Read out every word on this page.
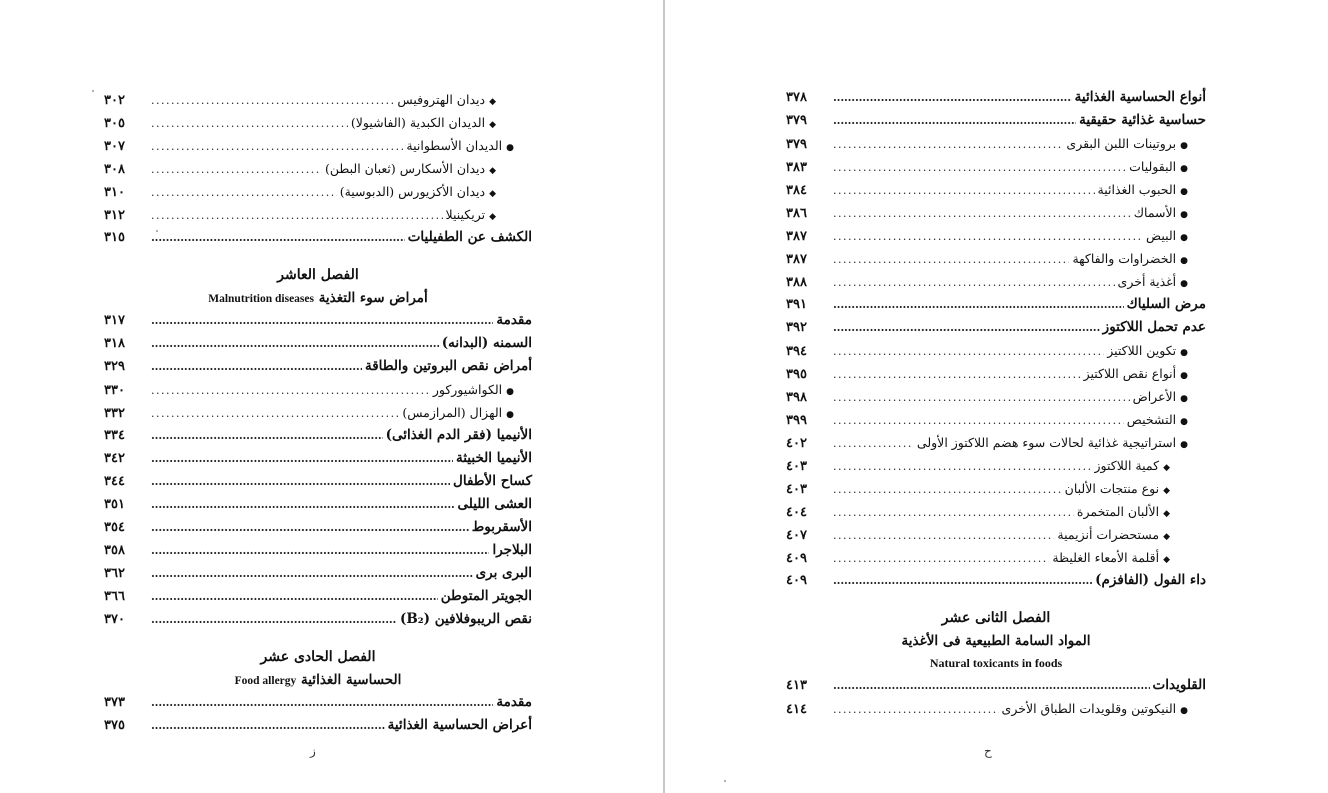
◆ديدان الهتروفيس
. . .
٣٠٢
◆الديدان الكبدية (الفاشيولا)
. . .
٣٠٥
●الديدان الأسطوانية
. . .
٣٠٧
◆ديدان الأسكارس (ثعبان البطن)
. . .
٣٠٨
◆ديدان الأكزيورس (الدبوسية)
. . .
٣١٠
◆تريكينيلا
. . .
٣١٢
الكشف عن الطفيليات
. . .
٣١٥
الفصل العاشر
أمراض سوء التغذية Malnutrition diseases
مقدمة
. . .
٣١٧
السمنه (البدانه)
. . .
٣١٨
أمراض نقص البروتين والطاقة
. . .
٣٢٩
●الكواشيوركور
. . .
٣٣٠
●الهزال (المرازمس)
. . .
٣٣٢
الأنيميا (فقر الدم الغذائى)
. . .
٣٣٤
الأنيميا الخبيثة
. . .
٣٤٢
كساح الأطفال
. . .
٣٤٤
العشى الليلى
. . .
٣٥١
الأسقربوط
. . .
٣٥٤
البلاجرا
. . .
٣٥٨
البرى برى
. . .
٣٦٢
الجويتر المتوطن
. . .
٣٦٦
نقص الريبوفلافين (B₂)
. . .
٣٧٠
الفصل الحادى عشر
الحساسية الغذائية Food allergy
مقدمة
. . .
٣٧٣
أعراض الحساسية الغذائية
. . .
٣٧٥
ز
أنواع الحساسية الغذائية
. . .
٣٧٨
حساسية غذائية حقيقية
. . .
٣٧٩
●بروتينات اللبن البقرى
. . .
٣٧٩
●البقوليات
. . .
٣٨٣
●الحبوب الغذائية
. . .
٣٨٤
●الأسماك
. . .
٣٨٦
●البيض
. . .
٣٨٧
●الخضراوات والفاكهة
. . .
٣٨٧
●أغذية أخرى
. . .
٣٨٨
مرض السلياك
. . .
٣٩١
عدم تحمل اللاكتوز
. . .
٣٩٢
●تكوين اللاكتيز
. . .
٣٩٤
●أنواع نقص اللاكتيز
. . .
٣٩٥
●الأعراض
. . .
٣٩٨
●التشخيص
. . .
٣٩٩
●استراتيجية غذائية لحالات سوء هضم اللاكتوز الأولى
. . .
٤٠٢
◆كمية اللاكتوز
. . .
٤٠٣
◆نوع منتجات الألبان
. . .
٤٠٣
◆الألبان المتخمرة
. . .
٤٠٤
◆مستحضرات أنزيمية
. . .
٤٠٧
◆أقلمة الأمعاء الغليظة
. . .
٤٠٩
داء الفول (الفافزم)
. . .
٤٠٩
الفصل الثانى عشر
المواد السامة الطبيعية فى الأغذية
Natural toxicants in foods
القلويدات
. . .
٤١٣
●النيكوتين وقلويدات الطباق الأخرى
. . .
٤١٤
ح
